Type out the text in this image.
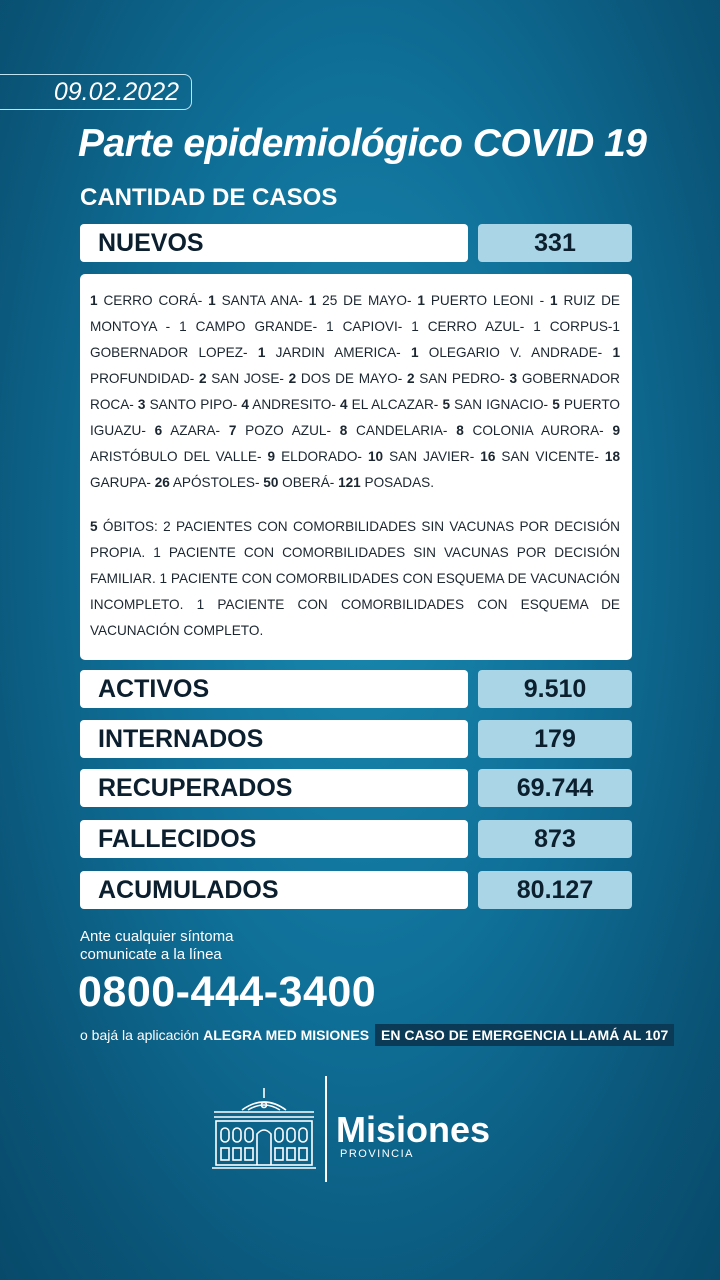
09.02.2022
Parte epidemiológico COVID 19
CANTIDAD DE CASOS
NUEVOS	331

1 CERRO CORÁ- 1 SANTA ANA- 1 25 DE MAYO- 1 PUERTO LEONI - 1 RUIZ DE MONTOYA - 1 CAMPO GRANDE- 1 CAPIOVI- 1 CERRO AZUL- 1 CORPUS-1 GOBERNADOR LOPEZ- 1 JARDIN AMERICA- 1 OLEGARIO V. ANDRADE- 1 PROFUNDIDAD- 2 SAN JOSE- 2 DOS DE MAYO- 2 SAN PEDRO- 3 GOBERNADOR ROCA- 3 SANTO PIPO- 4 ANDRESITO- 4 EL ALCAZAR- 5 SAN IGNACIO- 5 PUERTO IGUAZU- 6 AZARA- 7 POZO AZUL- 8 CANDELARIA- 8 COLONIA AURORA- 9 ARISTÓBULO DEL VALLE- 9 ELDORADO- 10 SAN JAVIER- 16 SAN VICENTE- 18 GARUPA- 26 APÓSTOLES- 50 OBERÁ- 121 POSADAS.

5 ÓBITOS: 2 PACIENTES CON COMORBILIDADES SIN VACUNAS POR DECISIÓN PROPIA. 1 PACIENTE CON COMORBILIDADES SIN VACUNAS POR DECISIÓN FAMILIAR. 1 PACIENTE CON COMORBILIDADES CON ESQUEMA DE VACUNACIÓN INCOMPLETO. 1 PACIENTE CON COMORBILIDADES CON ESQUEMA DE VACUNACIÓN COMPLETO.

ACTIVOS	9.510
INTERNADOS	179
RECUPERADOS	69.744
FALLECIDOS	873
ACUMULADOS	80.127
Ante cualquier síntoma
comunicate a la línea
0800-444-3400
o bajá la aplicación ALEGRA MED MISIONES EN CASO DE EMERGENCIA LLAMÁ AL 107
Misiones
PROVINCIA
